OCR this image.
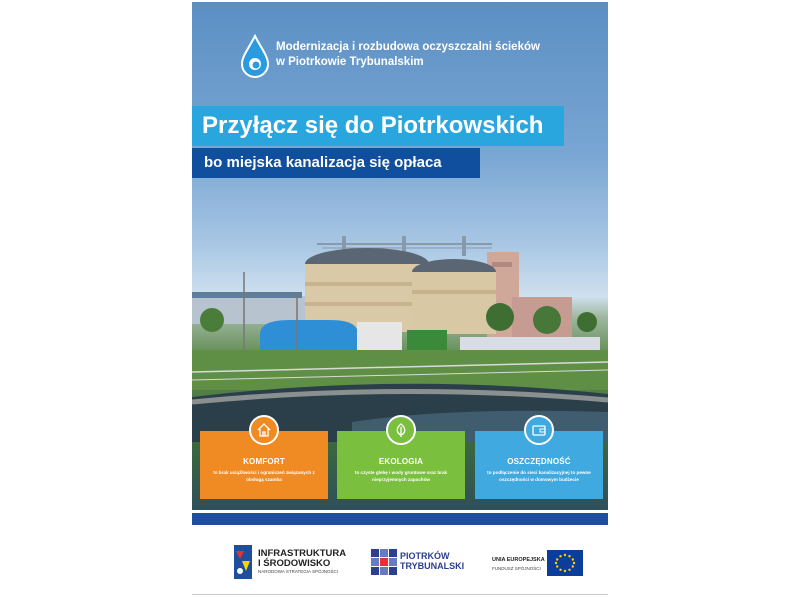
Modernizacja i rozbudowa oczyszczalni ścieków
w Piotrkowie Trybunalskim
Przyłącz się do Piotrkowskich
bo miejska kanalizacja się opłaca
KOMFORT
to brak uciążliwości i ograniczeń związanych z obsługą szamba
EKOLOGIA
to czyste glebę i wody gruntowe oraz brak nieprzyjemnych zapachów
OSZCZĘDNOŚĆ
to podłączenie do sieci kanalizacyjnej to pewne oszczędności w domowym budżecie
INFRASTRUKTURA
I ŚRODOWISKO
NARODOWA STRATEGIA SPÓJNOŚCI
PIOTRKÓW
TRYBUNALSKI
UNIA EUROPEJSKA
FUNDUSZ SPÓJNOŚCI
